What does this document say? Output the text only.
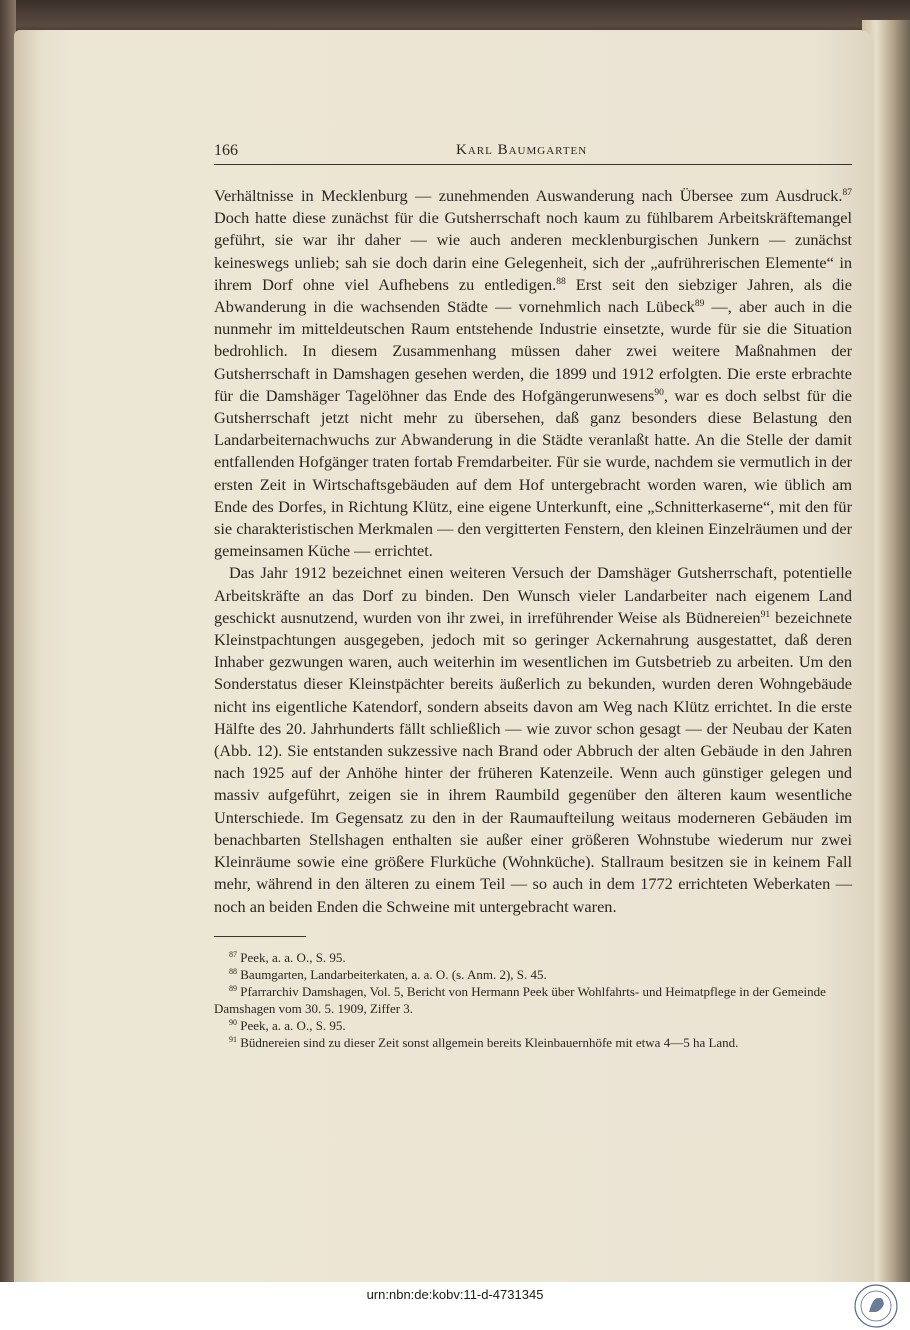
166	Karl Baumgarten

Verhältnisse in Mecklenburg — zunehmenden Auswanderung nach Übersee zum Ausdruck.$^{87}$ Doch hatte diese zunächst für die Gutsherrschaft noch kaum zu fühlbarem Arbeitskräftemangel geführt, sie war ihr daher — wie auch anderen mecklenburgischen Junkern — zunächst keineswegs unlieb; sah sie doch darin eine Gelegenheit, sich der „aufrührerischen Elemente“ in ihrem Dorf ohne viel Aufhebens zu entledigen.$^{88}$ Erst seit den siebziger Jahren, als die Abwanderung in die wachsenden Städte — vornehmlich nach Lübeck$^{89}$ —, aber auch in die nunmehr im mitteldeutschen Raum entstehende Industrie einsetzte, wurde für sie die Situation bedrohlich. In diesem Zusammenhang müssen daher zwei weitere Maßnahmen der Gutsherrschaft in Damshagen gesehen werden, die 1899 und 1912 erfolgten. Die erste erbrachte für die Damshäger Tagelöhner das Ende des Hofgängerunwesens$^{90}$, war es doch selbst für die Gutsherrschaft jetzt nicht mehr zu übersehen, daß ganz besonders diese Belastung den Landarbeiternachwuchs zur Abwanderung in die Städte veranlaßt hatte. An die Stelle der damit entfallenden Hofgänger traten fortab Fremdarbeiter. Für sie wurde, nachdem sie vermutlich in der ersten Zeit in Wirtschaftsgebäuden auf dem Hof untergebracht worden waren, wie üblich am Ende des Dorfes, in Richtung Klütz, eine eigene Unterkunft, eine „Schnitterkaserne“, mit den für sie charakteristischen Merkmalen — den vergitterten Fenstern, den kleinen Einzelräumen und der gemeinsamen Küche — errichtet.

Das Jahr 1912 bezeichnet einen weiteren Versuch der Damshäger Gutsherrschaft, potentielle Arbeitskräfte an das Dorf zu binden. Den Wunsch vieler Landarbeiter nach eigenem Land geschickt ausnutzend, wurden von ihr zwei, in irreführender Weise als Büdnereien$^{91}$ bezeichnete Kleinstpachtungen ausgegeben, jedoch mit so geringer Ackernahrung ausgestattet, daß deren Inhaber gezwungen waren, auch weiterhin im wesentlichen im Gutsbetrieb zu arbeiten. Um den Sonderstatus dieser Kleinstpächter bereits äußerlich zu bekunden, wurden deren Wohngebäude nicht ins eigentliche Katendorf, sondern abseits davon am Weg nach Klütz errichtet. In die erste Hälfte des 20. Jahrhunderts fällt schließlich — wie zuvor schon gesagt — der Neubau der Katen (Abb. 12). Sie entstanden sukzessive nach Brand oder Abbruch der alten Gebäude in den Jahren nach 1925 auf der Anhöhe hinter der früheren Katenzeile. Wenn auch günstiger gelegen und massiv aufgeführt, zeigen sie in ihrem Raumbild gegenüber den älteren kaum wesentliche Unterschiede. Im Gegensatz zu den in der Raumaufteilung weitaus moderneren Gebäuden im benachbarten Stellshagen enthalten sie außer einer größeren Wohnstube wiederum nur zwei Kleinräume sowie eine größere Flurküche (Wohnküche). Stallraum besitzen sie in keinem Fall mehr, während in den älteren zu einem Teil — so auch in dem 1772 errichteten Weberkaten — noch an beiden Enden die Schweine mit untergebracht waren.

$^{87}$ Peek, a. a. O., S. 95.

$^{88}$ Baumgarten, Landarbeiterkaten, a. a. O. (s. Anm. 2), S. 45.

$^{89}$ Pfarrarchiv Damshagen, Vol. 5, Bericht von Hermann Peek über Wohlfahrts- und Heimatpflege in der Gemeinde Damshagen vom 30. 5. 1909, Ziffer 3.

$^{90}$ Peek, a. a. O., S. 95.

$^{91}$ Büdnereien sind zu dieser Zeit sonst allgemein bereits Kleinbauernhöfe mit etwa 4—5 ha Land.

urn:nbn:de:kobv:11-d-4731345
